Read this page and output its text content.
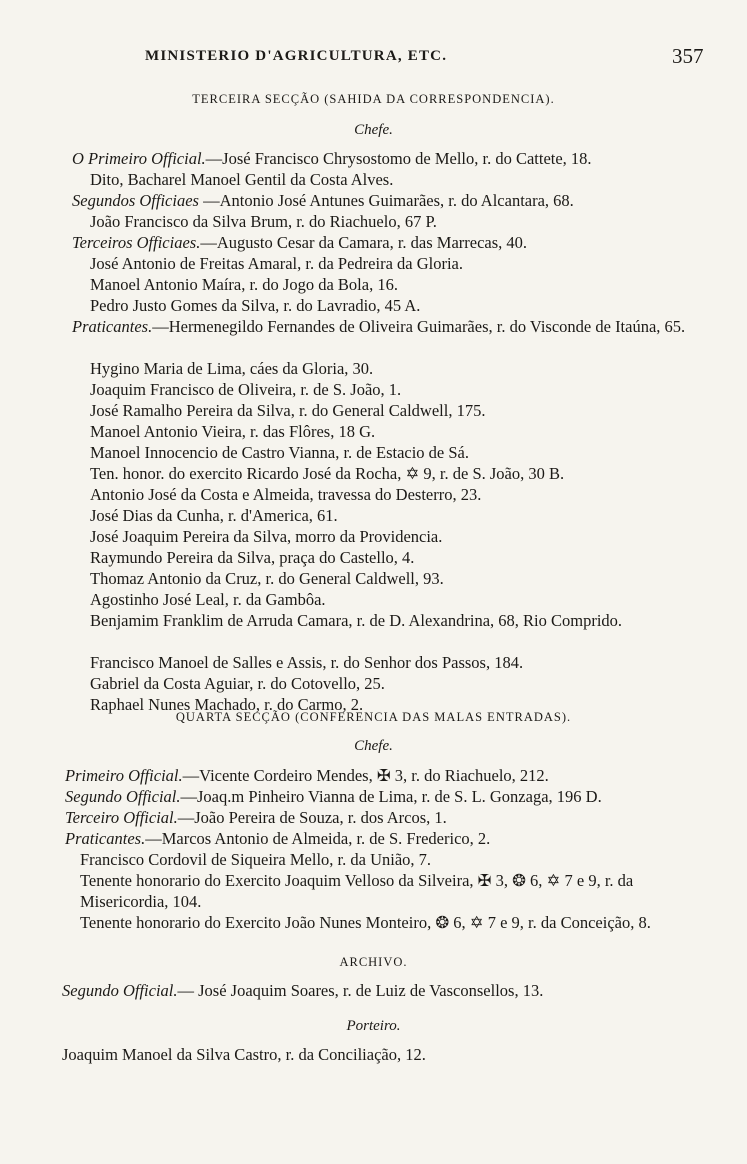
MINISTERIO D'AGRICULTURA, ETC.	357
TERCEIRA SECÇÃO (SAHIDA DA CORRESPONDENCIA).
Chefe.
O Primeiro Official.—José Francisco Chrysostomo de Mello, r. do Cattete, 18.
Dito, Bacharel Manoel Gentil da Costa Alves.
Segundos Officiaes —Antonio José Antunes Guimarães, r. do Alcantara, 68.
João Francisco da Silva Brum, r. do Riachuelo, 67 P.
Terceiros Officiaes.—Augusto Cesar da Camara, r. das Marrecas, 40.
José Antonio de Freitas Amaral, r. da Pedreira da Gloria.
Manoel Antonio Maíra, r. do Jogo da Bola, 16.
Pedro Justo Gomes da Silva, r. do Lavradio, 45 A.
Praticantes.—Hermenegildo Fernandes de Oliveira Guimarães, r. do Visconde de Itaúna, 65.
Hygino Maria de Lima, cáes da Gloria, 30.
Joaquim Francisco de Oliveira, r. de S. João, 1.
José Ramalho Pereira da Silva, r. do General Caldwell, 175.
Manoel Antonio Vieira, r. das Flôres, 18 G.
Manoel Innocencio de Castro Vianna, r. de Estacio de Sá.
Ten. honor. do exercito Ricardo José da Rocha, ✡ 9, r. de S. João, 30 B.
Antonio José da Costa e Almeida, travessa do Desterro, 23.
José Dias da Cunha, r. d'America, 61.
José Joaquim Pereira da Silva, morro da Providencia.
Raymundo Pereira da Silva, praça do Castello, 4.
Thomaz Antonio da Cruz, r. do General Caldwell, 93.
Agostinho José Leal, r. da Gambôa.
Benjamim Franklim de Arruda Camara, r. de D. Alexandrina, 68, Rio Comprido.
Francisco Manoel de Salles e Assis, r. do Senhor dos Passos, 184.
Gabriel da Costa Aguiar, r. do Cotovello, 25.
Raphael Nunes Machado, r. do Carmo, 2.
QUARTA SECÇÃO (CONFERENCIA DAS MALAS ENTRADAS).
Chefe.
Primeiro Official.—Vicente Cordeiro Mendes, ✠ 3, r. do Riachuelo, 212.
Segundo Official.—Joaq.m Pinheiro Vianna de Lima, r. de S. L. Gonzaga, 196 D.
Terceiro Official.—João Pereira de Souza, r. dos Arcos, 1.
Praticantes.—Marcos Antonio de Almeida, r. de S. Frederico, 2.
Francisco Cordovil de Siqueira Mello, r. da União, 7.
Tenente honorario do Exercito Joaquim Velloso da Silveira, ✠ 3, ❂ 6, ✡ 7 e 9, r. da Misericordia, 104.
Tenente honorario do Exercito João Nunes Monteiro, ❂ 6, ✡ 7 e 9, r. da Conceição, 8.
ARCHIVO.
Segundo Official.— José Joaquim Soares, r. de Luiz de Vasconsellos, 13.
Porteiro.
Joaquim Manoel da Silva Castro, r. da Conciliação, 12.
